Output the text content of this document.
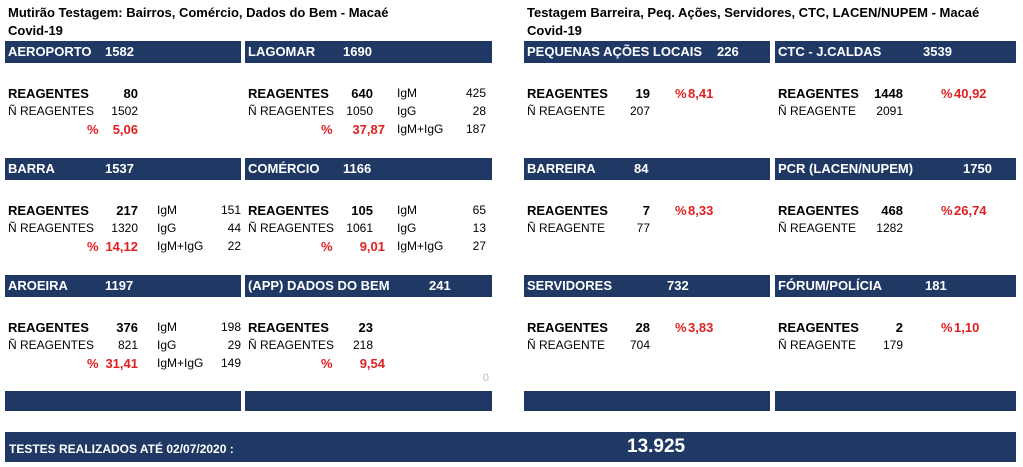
Mutirão Testagem: Bairros, Comércio, Dados do Bem - Macaé
Covid-19
Testagem Barreira, Peq. Ações, Servidores, CTC, LACEN/NUPEM - Macaé
Covid-19
AEROPORTO 1582
REAGENTES	80
Ñ REAGENTES 1502
% 5,06
LAGOMAR 1690
REAGENTES 640
Ñ REAGENTES 1050
% 37,87
IgM	425
IgG	28
IgM+IgG 187
BARRA	1537
REAGENTES 217
Ñ REAGENTES 1320
% 14,12
IgM	151
IgG	44
IgM+IgG 22
COMÉRCIO 1166
REAGENTES 105
Ñ REAGENTES 1061
% 9,01
IgM	65
IgG	13
IgM+IgG 27
AROEIRA	1197
REAGENTES 376
Ñ REAGENTES 821
% 31,41
IgM	198
IgG	29
IgM+IgG 149
(APP) DADOS DO BEM	241
REAGENTES 23
Ñ REAGENTES 218
% 9,54
0
PEQUENAS AÇÕES LOCAIS 226
REAGENTES 19
Ñ REAGENTE 207
% 8,41
CTC - J.CALDAS	3539
REAGENTES 1448
Ñ REAGENTE 2091
% 40,92
BARREIRA	84
REAGENTES	7
Ñ REAGENTE	77
% 8,33
PCR (LACEN/NUPEM)	1750
REAGENTES 468
Ñ REAGENTE 1282
% 26,74
SERVIDORES	732
REAGENTES 28
Ñ REAGENTE 704
% 3,83
FÓRUM/POLÍCIA	181
REAGENTES	2
Ñ REAGENTE 179
% 1,10
TESTES REALIZADOS ATÉ 02/07/2020 :	13.925
